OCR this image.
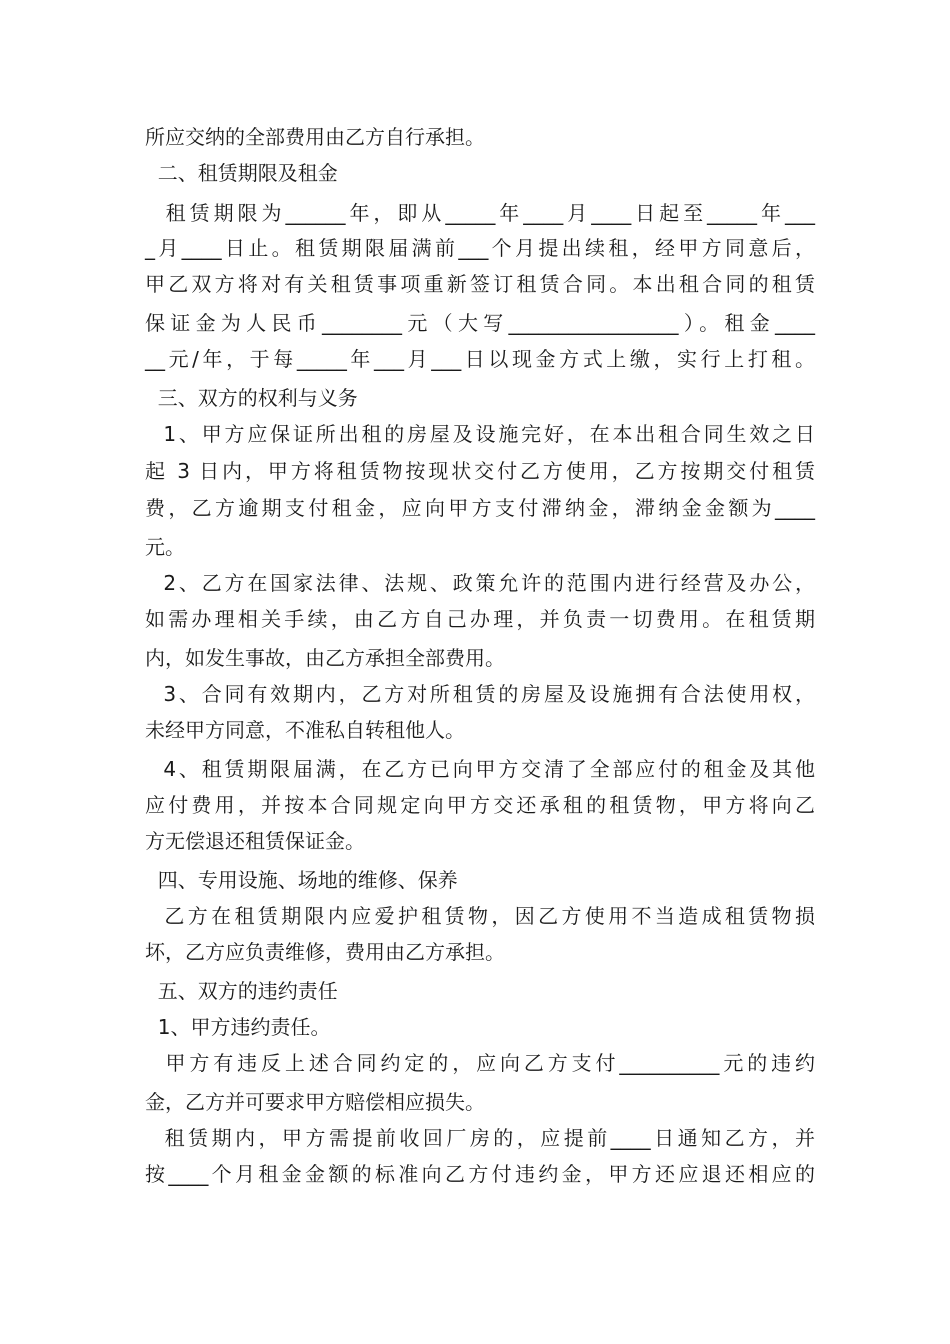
所应交纳的全部费用由乙方自行承担。
二、租赁期限及租金
租赁期限为______年，即从_____年____月____日起至_____年___
_月____日止。租赁期限届满前___个月提出续租，经甲方同意后，
甲乙双方将对有关租赁事项重新签订租赁合同。本出租合同的租赁
保证金为人民币________元（大写_________________）。租金____
__元/年，于每_____年___月___日以现金方式上缴，实行上打租。
三、双方的权利与义务
1、甲方应保证所出租的房屋及设施完好，在本出租合同生效之日
起 3 日内，甲方将租赁物按现状交付乙方使用，乙方按期交付租赁
费，乙方逾期支付租金，应向甲方支付滞纳金，滞纳金金额为____
元。
2、乙方在国家法律、法规、政策允许的范围内进行经营及办公，
如需办理相关手续，由乙方自己办理，并负责一切费用。在租赁期
内，如发生事故，由乙方承担全部费用。
3、合同有效期内，乙方对所租赁的房屋及设施拥有合法使用权，
未经甲方同意，不准私自转租他人。
4、租赁期限届满，在乙方已向甲方交清了全部应付的租金及其他
应付费用，并按本合同规定向甲方交还承租的租赁物，甲方将向乙
方无偿退还租赁保证金。
四、专用设施、场地的维修、保养
乙方在租赁期限内应爱护租赁物，因乙方使用不当造成租赁物损
坏，乙方应负责维修，费用由乙方承担。
五、双方的违约责任
1、甲方违约责任。
甲方有违反上述合同约定的，应向乙方支付__________元的违约
金，乙方并可要求甲方赔偿相应损失。
租赁期内，甲方需提前收回厂房的，应提前____日通知乙方，并
按____个月租金金额的标准向乙方付违约金，甲方还应退还相应的
